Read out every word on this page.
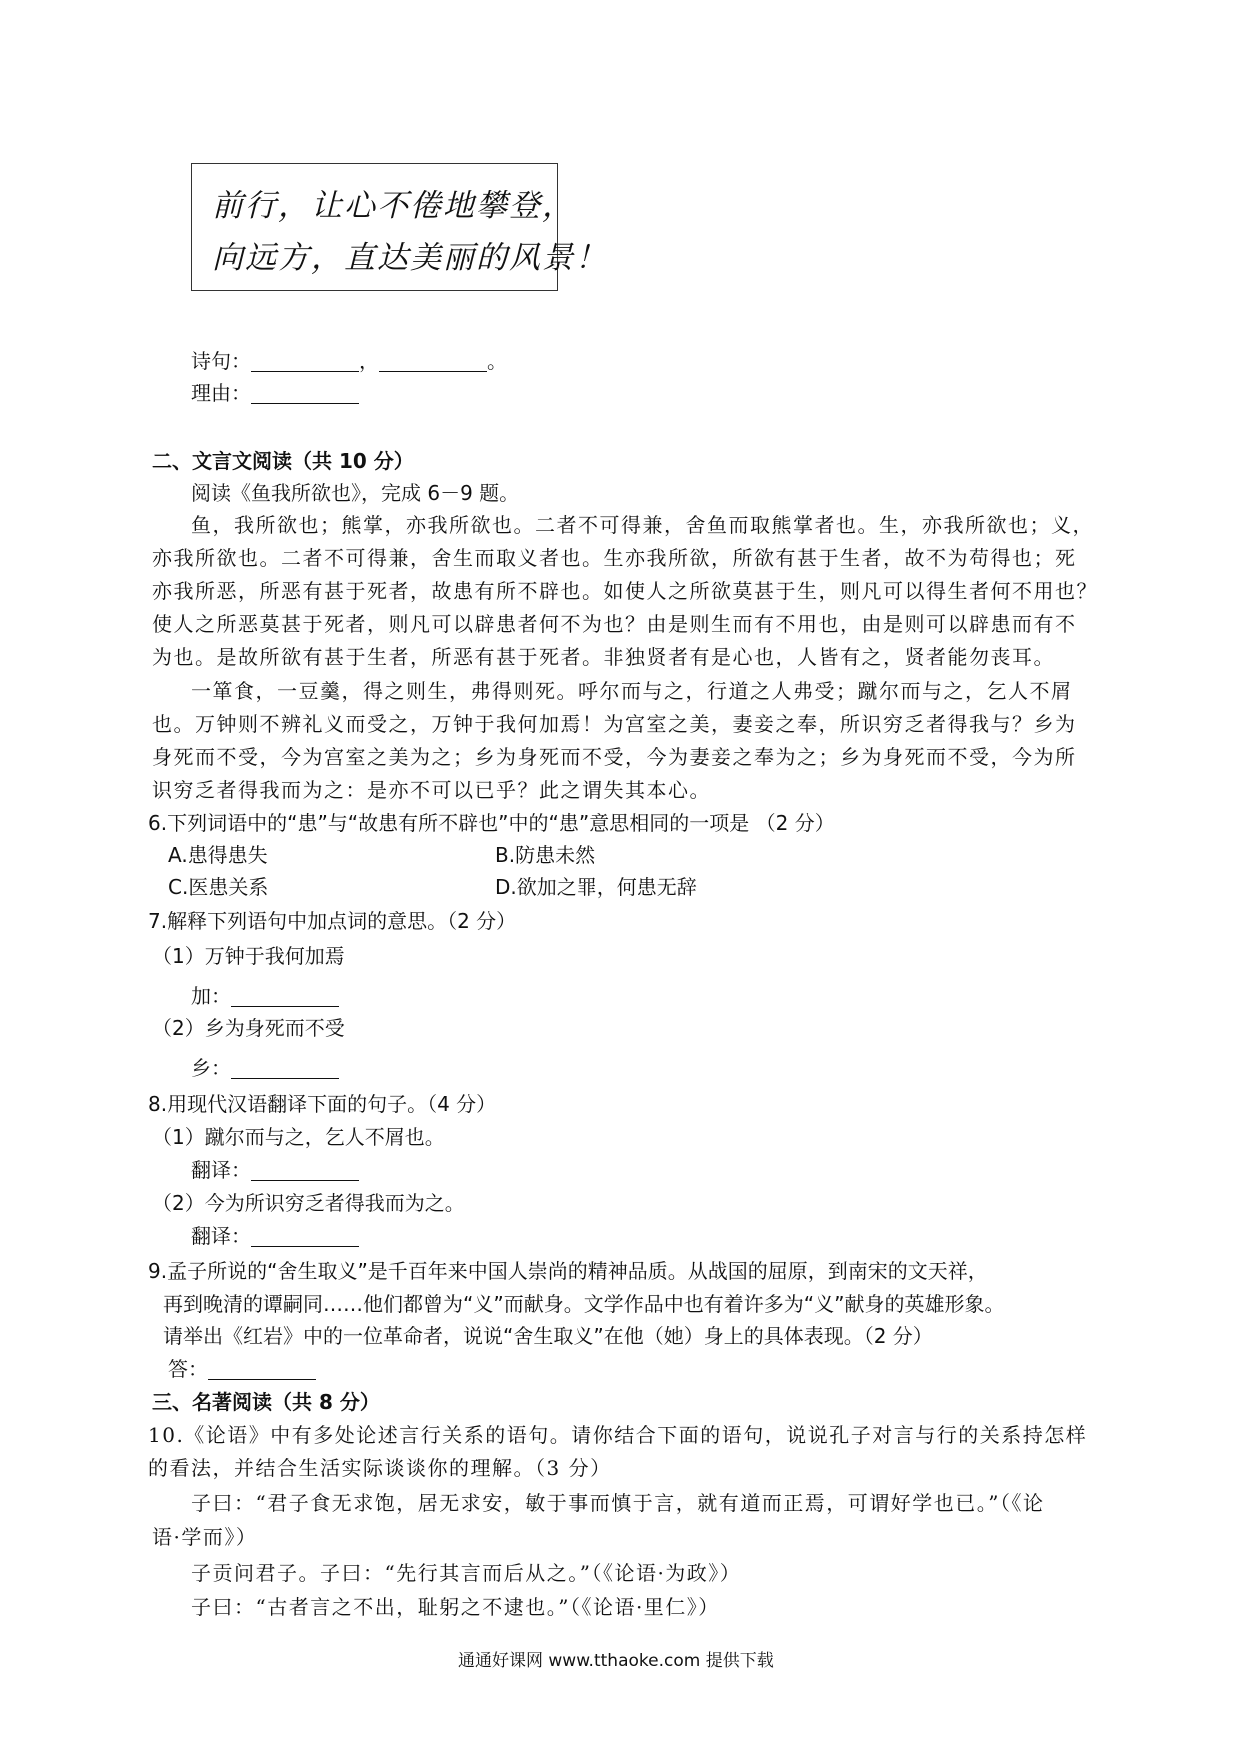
前行，让心不倦地攀登，
向远方，直达美丽的风景！
诗句：	，	。
理由：
二、文言文阅读（共 10 分）
阅读《鱼我所欲也》，完成 6－9 题。
鱼，我所欲也；熊掌，亦我所欲也。二者不可得兼，舍鱼而取熊掌者也。生，亦我所欲也；义，
亦我所欲也。二者不可得兼，舍生而取义者也。生亦我所欲，所欲有甚于生者，故不为苟得也；死
亦我所恶，所恶有甚于死者，故患有所不辟也。如使人之所欲莫甚于生，则凡可以得生者何不用也？
使人之所恶莫甚于死者，则凡可以辟患者何不为也？由是则生而有不用也，由是则可以辟患而有不
为也。是故所欲有甚于生者，所恶有甚于死者。非独贤者有是心也，人皆有之，贤者能勿丧耳。
一箪食，一豆羹，得之则生，弗得则死。呼尔而与之，行道之人弗受；蹴尔而与之，乞人不屑
也。万钟则不辨礼义而受之，万钟于我何加焉！为宫室之美，妻妾之奉，所识穷乏者得我与？乡为
身死而不受，今为宫室之美为之；乡为身死而不受，今为妻妾之奉为之；乡为身死而不受，今为所
识穷乏者得我而为之：是亦不可以已乎？此之谓失其本心。
6.下列词语中的“患”与“故患有所不辟也”中的“患”意思相同的一项是 （2 分）
A.患得患失	B.防患未然
C.医患关系	D.欲加之罪，何患无辞
7.解释下列语句中加点词的意思。（2 分）
（1）万钟于我何加焉
加：
（2）乡为身死而不受
乡：
8.用现代汉语翻译下面的句子。（4 分）
（1）蹴尔而与之，乞人不屑也。
翻译：
（2）今为所识穷乏者得我而为之。
翻译：
9.孟子所说的“舍生取义”是千百年来中国人崇尚的精神品质。从战国的屈原，到南宋的文天祥，
再到晚清的谭嗣同……他们都曾为“义”而献身。文学作品中也有着许多为“义”献身的英雄形象。
请举出《红岩》中的一位革命者，说说“舍生取义”在他（她）身上的具体表现。（2 分）
答：
三、名著阅读（共 8 分）
10.《论语》中有多处论述言行关系的语句。请你结合下面的语句，说说孔子对言与行的关系持怎样
的看法，并结合生活实际谈谈你的理解。（3 分）
子曰：“君子食无求饱，居无求安，敏于事而慎于言，就有道而正焉，可谓好学也已。”（《论
语·学而》）
子贡问君子。子曰：“先行其言而后从之。”（《论语·为政》）
子曰：“古者言之不出，耻躬之不逮也。”（《论语·里仁》）
通通好课网 www.tthaoke.com 提供下载
